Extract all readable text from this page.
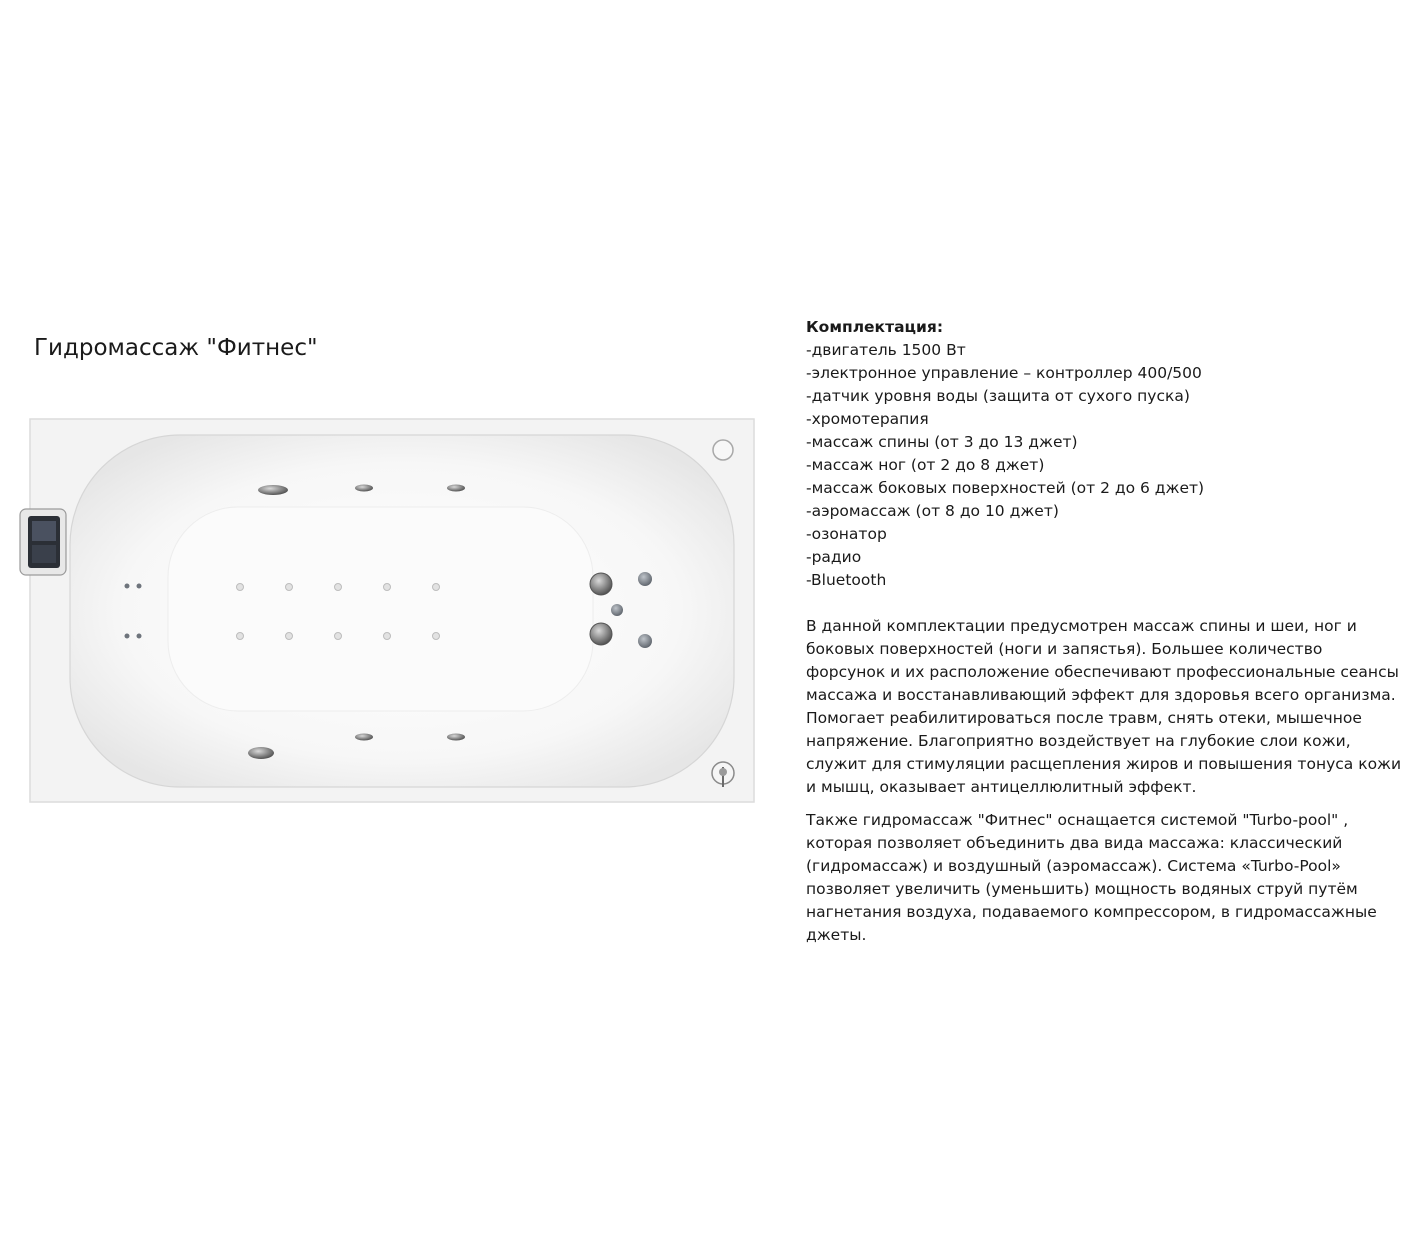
Гидромассаж "Фитнес"
Комплектация:
-двигатель 1500 Вт
-электронное управление – контроллер 400/500
-датчик уровня воды (защита от сухого пуска)
-хромотерапия
-массаж спины (от 3 до 13 джет)
-массаж ног (от 2 до 8 джет)
-массаж боковых поверхностей (от 2 до 6 джет)
-аэромассаж (от 8 до 10 джет)
-озонатор
-радио
-Bluetooth

В данной комплектации предусмотрен массаж спины и шеи, ног и боковых поверхностей (ноги и запястья). Большее количество форсунок и их расположение обеспечивают профессиональные сеансы массажа и восстанавливающий эффект для здоровья всего организма. Помогает реабилитироваться после травм, снять отеки, мышечное напряжение. Благоприятно воздействует на глубокие слои кожи, служит для стимуляции расщепления жиров и повышения тонуса кожи и мышц, оказывает антицеллюлитный эффект.

Также гидромассаж "Фитнес" оснащается системой "Turbo-pool" , которая позволяет объединить два вида массажа: классический (гидромассаж) и воздушный (аэромассаж). Система «Turbo-Pool» позволяет увеличить (уменьшить) мощность водяных струй путём нагнетания воздуха, подаваемого компрессором, в гидромассажные джеты.
